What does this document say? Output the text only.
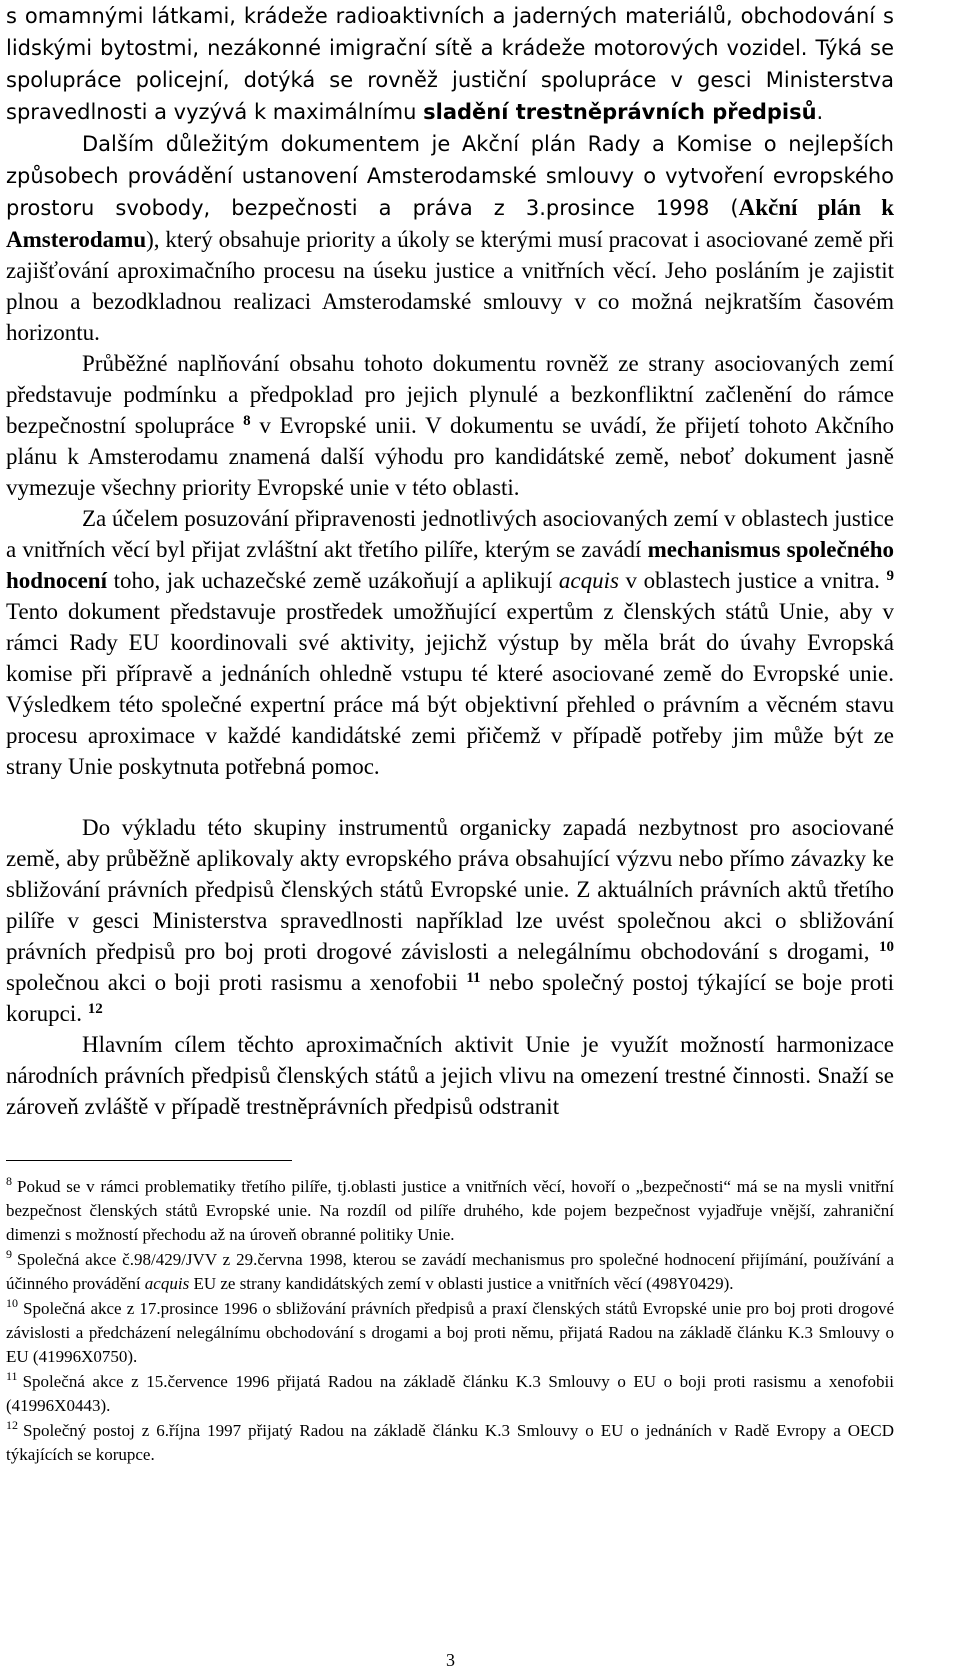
s omamnými látkami, krádeže radioaktivních a jaderných materiálů, obchodování s lidskými bytostmi, nezákonné imigrační sítě a krádeže motorových vozidel. Týká se spolupráce policejní, dotýká se rovněž justiční spolupráce v gesci Ministerstva spravedlnosti a vyzývá k maximálnímu sladění trestněprávních předpisů.

Dalším důležitým dokumentem je Akční plán Rady a Komise o nejlepších způsobech provádění ustanovení Amsterodamské smlouvy o vytvoření evropského prostoru svobody, bezpečnosti a práva z 3.prosince 1998 (Akční plán k Amsterodamu), který obsahuje priority a úkoly se kterými musí pracovat i asociované země při zajišťování aproximačního procesu na úseku justice a vnitřních věcí. Jeho posláním je zajistit plnou a bezodkladnou realizaci Amsterodamské smlouvy v co možná nejkratším časovém horizontu.

Průběžné naplňování obsahu tohoto dokumentu rovněž ze strany asociovaných zemí představuje podmínku a předpoklad pro jejich plynulé a bezkonfliktní začlenění do rámce bezpečnostní spolupráce $^8$ v Evropské unii. V dokumentu se uvádí, že přijetí tohoto Akčního plánu k Amsterodamu znamená další výhodu pro kandidátské země, neboť dokument jasně vymezuje všechny priority Evropské unie v této oblasti.

Za účelem posuzování připravenosti jednotlivých asociovaných zemí v oblastech justice a vnitřních věcí byl přijat zvláštní akt třetího pilíře, kterým se zavádí mechanismus společného hodnocení toho, jak uchazečské země uzákoňují a aplikují acquis v oblastech justice a vnitra. $^9$ Tento dokument představuje prostředek umožňující expertům z členských států Unie, aby v rámci Rady EU koordinovali své aktivity, jejichž výstup by měla brát do úvahy Evropská komise při přípravě a jednáních ohledně vstupu té které asociované země do Evropské unie. Výsledkem této společné expertní práce má být objektivní přehled o právním a věcném stavu procesu aproximace v každé kandidátské zemi přičemž v případě potřeby jim může být ze strany Unie poskytnuta potřebná pomoc.

Do výkladu této skupiny instrumentů organicky zapadá nezbytnost pro asociované země, aby průběžně aplikovaly akty evropského práva obsahující výzvu nebo přímo závazky ke sbližování právních předpisů členských států Evropské unie. Z aktuálních právních aktů třetího pilíře v gesci Ministerstva spravedlnosti například lze uvést společnou akci o sbližování právních předpisů pro boj proti drogové závislosti a nelegálnímu obchodování s drogami, $^{10}$ společnou akci o boji proti rasismu a xenofobii $^{11}$ nebo společný postoj týkající se boje proti korupci. $^{12}$

Hlavním cílem těchto aproximačních aktivit Unie je využít možností harmonizace národních právních předpisů členských států a jejich vlivu na omezení trestné činnosti. Snaží se zároveň zvláště v případě trestněprávních předpisů odstranit

$^8$ Pokud se v rámci problematiky třetího pilíře, tj.oblasti justice a vnitřních věcí, hovoří o „bezpečnosti“ má se na mysli vnitřní bezpečnost členských států Evropské unie. Na rozdíl od pilíře druhého, kde pojem bezpečnost vyjadřuje vnější, zahraniční dimenzi s možností přechodu až na úroveň obranné politiky Unie.

$^9$ Společná akce č.98/429/JVV z 29.června 1998, kterou se zavádí mechanismus pro společné hodnocení přijímání, používání a účinného provádění acquis EU ze strany kandidátských zemí v oblasti justice a vnitřních věcí (498Y0429).

$^{10}$ Společná akce z 17.prosince 1996 o sbližování právních předpisů a praxí členských států Evropské unie pro boj proti drogové závislosti a předcházení nelegálnímu obchodování s drogami a boj proti němu, přijatá Radou na základě článku K.3 Smlouvy o EU (41996X0750).

$^{11}$ Společná akce z 15.července 1996 přijatá Radou na základě článku K.3 Smlouvy o EU o boji proti rasismu a xenofobii (41996X0443).

$^{12}$ Společný postoj z 6.října 1997 přijatý Radou na základě článku K.3 Smlouvy o EU o jednáních v Radě Evropy a OECD týkajících se korupce.

3
